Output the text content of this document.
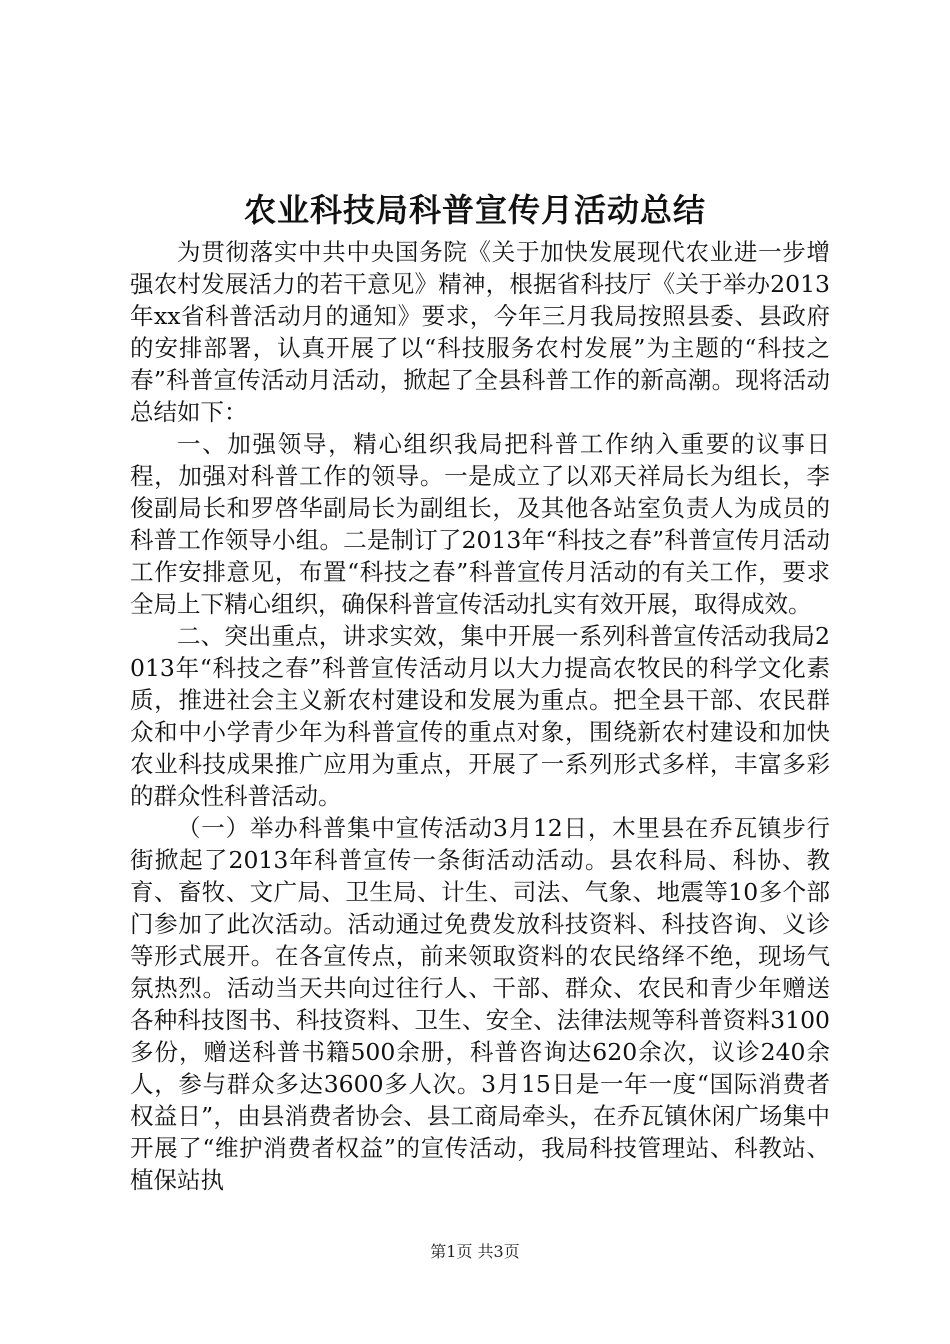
农业科技局科普宣传月活动总结

为贯彻落实中共中央国务院《关于加快发展现代农业进一步增强农村发展活力的若干意见》精神，根据省科技厅《关于举办2013年xx省科普活动月的通知》要求，今年三月我局按照县委、县政府的安排部署，认真开展了以“科技服务农村发展”为主题的“科技之春”科普宣传活动月活动，掀起了全县科普工作的新高潮。现将活动总结如下：

一、加强领导，精心组织我局把科普工作纳入重要的议事日程，加强对科普工作的领导。一是成立了以邓天祥局长为组长，李俊副局长和罗啓华副局长为副组长，及其他各站室负责人为成员的科普工作领导小组。二是制订了2013年“科技之春”科普宣传月活动工作安排意见，布置“科技之春”科普宣传月活动的有关工作，要求全局上下精心组织，确保科普宣传活动扎实有效开展，取得成效。

二、突出重点，讲求实效，集中开展一系列科普宣传活动我局2013年“科技之春”科普宣传活动月以大力提高农牧民的科学文化素质，推进社会主义新农村建设和发展为重点。把全县干部、农民群众和中小学青少年为科普宣传的重点对象，围绕新农村建设和加快农业科技成果推广应用为重点，开展了一系列形式多样，丰富多彩的群众性科普活动。

（一）举办科普集中宣传活动3月12日，木里县在乔瓦镇步行街掀起了2013年科普宣传一条街活动活动。县农科局、科协、教育、畜牧、文广局、卫生局、计生、司法、气象、地震等10多个部门参加了此次活动。活动通过免费发放科技资料、科技咨询、义诊等形式展开。在各宣传点，前来领取资料的农民络绎不绝，现场气氛热烈。活动当天共向过往行人、干部、群众、农民和青少年赠送各种科技图书、科技资料、卫生、安全、法律法规等科普资料3100多份，赠送科普书籍500余册，科普咨询达620余次，议诊240余人，参与群众多达3600多人次。3月15日是一年一度“国际消费者权益日”，由县消费者协会、县工商局牵头，在乔瓦镇休闲广场集中开展了“维护消费者权益”的宣传活动，我局科技管理站、科教站、植保站执

第1页 共3页
